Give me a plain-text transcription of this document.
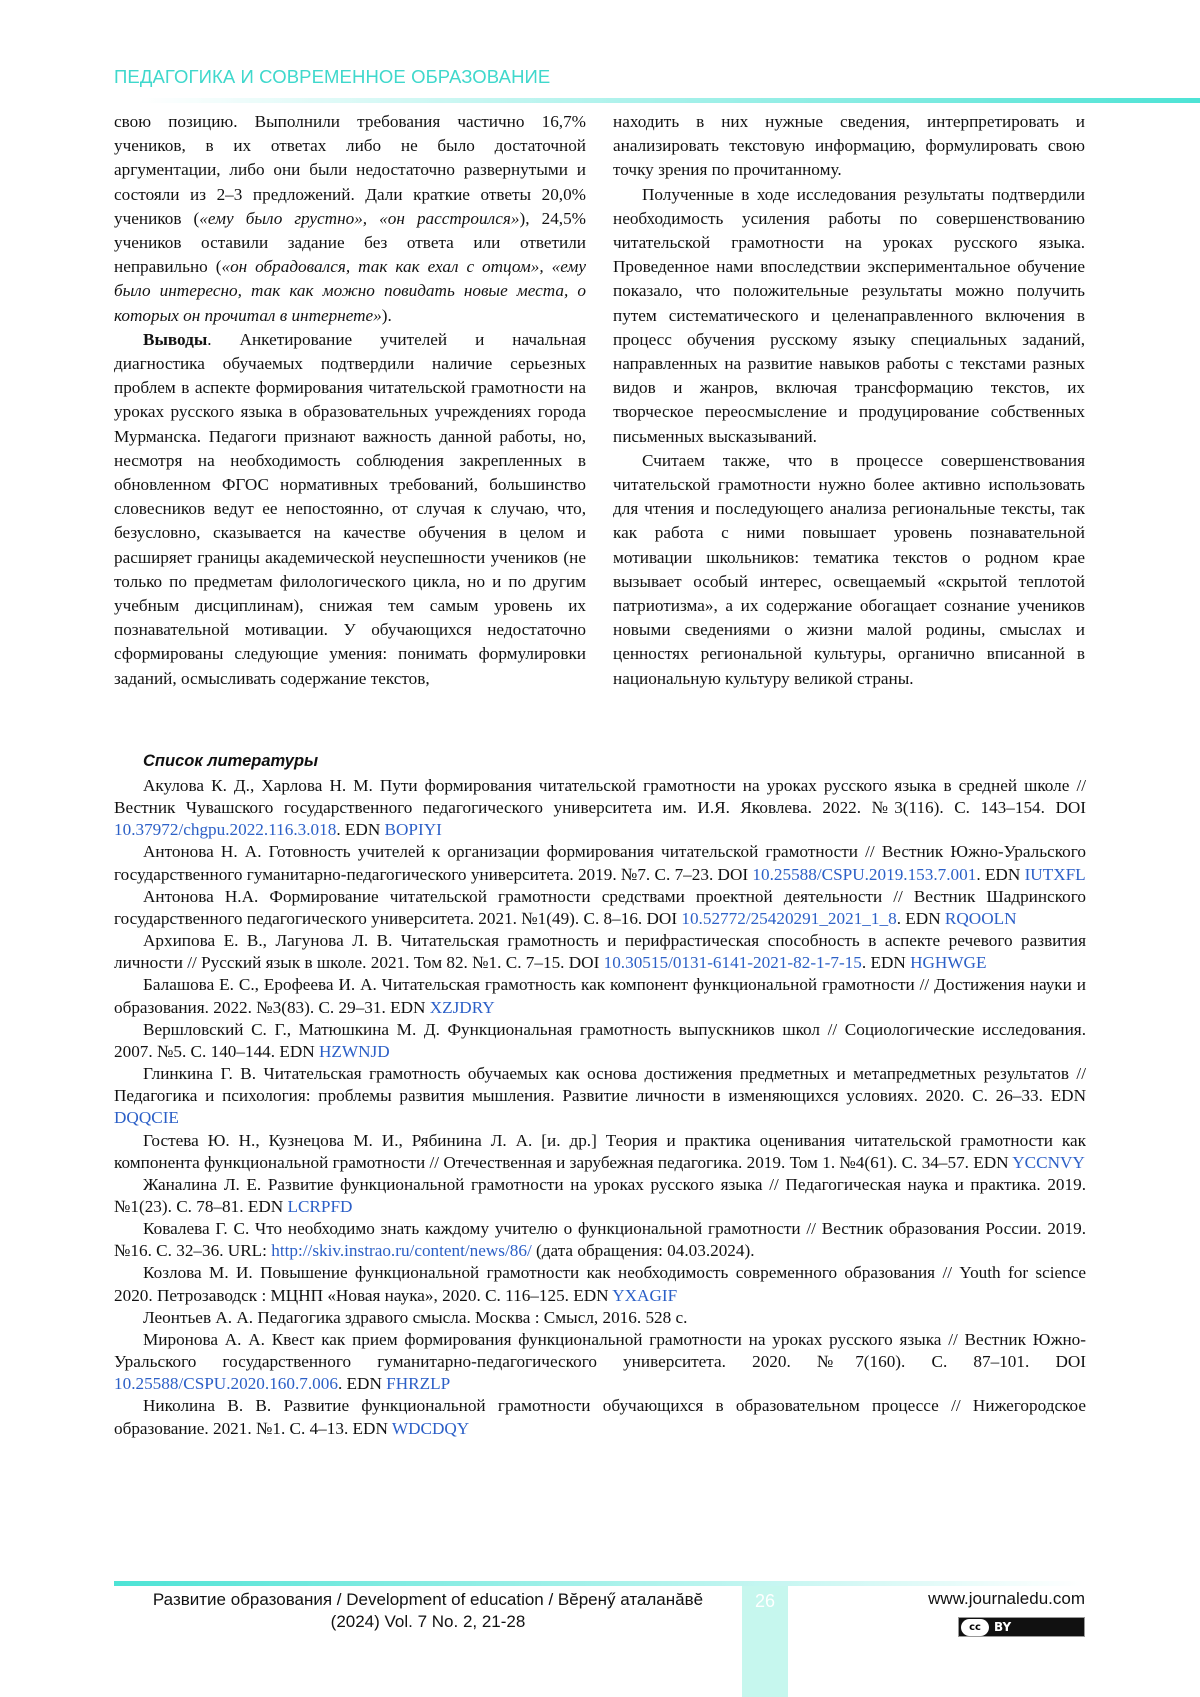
ПЕДАГОГИКА И СОВРЕМЕННОЕ ОБРАЗОВАНИЕ

свою позицию. Выполнили требования частично 16,7% учеников, в их ответах либо не было достаточной аргументации, либо они были недостаточно развернутыми и состояли из 2–3 предложений. Дали краткие ответы 20,0% учеников («ему было грустно», «он расстроился»), 24,5% учеников оставили задание без ответа или ответили неправильно («он обрадовался, так как ехал с отцом», «ему было интересно, так как можно повидать новые места, о которых он прочитал в интернете»).

Выводы. Анкетирование учителей и начальная диагностика обучаемых подтвердили наличие серьезных проблем в аспекте формирования читательской грамотности на уроках русского языка в образовательных учреждениях города Мурманска. Педагоги признают важность данной работы, но, несмотря на необходимость соблюдения закрепленных в обновленном ФГОС нормативных требований, большинство словесников ведут ее непостоянно, от случая к случаю, что, безусловно, сказывается на качестве обучения в целом и расширяет границы академической неуспешности учеников (не только по предметам филологического цикла, но и по другим учебным дисциплинам), снижая тем самым уровень их познавательной мотивации. У обучающихся недостаточно сформированы следующие умения: понимать формулировки заданий, осмысливать содержание текстов,

находить в них нужные сведения, интерпретировать и анализировать текстовую информацию, формулировать свою точку зрения по прочитанному.

Полученные в ходе исследования результаты подтвердили необходимость усиления работы по совершенствованию читательской грамотности на уроках русского языка. Проведенное нами впоследствии экспериментальное обучение показало, что положительные результаты можно получить путем систематического и целенаправленного включения в процесс обучения русскому языку специальных заданий, направленных на развитие навыков работы с текстами разных видов и жанров, включая трансформацию текстов, их творческое переосмысление и продуцирование собственных письменных высказываний.

Считаем также, что в процессе совершенствования читательской грамотности нужно более активно использовать для чтения и последующего анализа региональные тексты, так как работа с ними повышает уровень познавательной мотивации школьников: тематика текстов о родном крае вызывает особый интерес, освещаемый «скрытой теплотой патриотизма», а их содержание обогащает сознание учеников новыми сведениями о жизни малой родины, смыслах и ценностях региональной культуры, органично вписанной в национальную культуру великой страны.

Список литературы

Акулова К. Д., Харлова Н. М. Пути формирования читательской грамотности на уроках русского языка в средней школе // Вестник Чувашского государственного педагогического университета им. И.Я. Яковлева. 2022. №3(116). С. 143–154. DOI 10.37972/chgpu.2022.116.3.018. EDN BOPIYI

Антонова Н. А. Готовность учителей к организации формирования читательской грамотности // Вестник Южно-Уральского государственного гуманитарно-педагогического университета. 2019. №7. С. 7–23. DOI 10.25588/CSPU.2019.153.7.001. EDN IUTXFL

Антонова Н.А. Формирование читательской грамотности средствами проектной деятельности // Вестник Шадринского государственного педагогического университета. 2021. №1(49). С. 8–16. DOI 10.52772/25420291_2021_1_8. EDN RQOOLN

Архипова Е. В., Лагунова Л. В. Читательская грамотность и перифрастическая способность в аспекте речевого развития личности // Русский язык в школе. 2021. Том 82. №1. С. 7–15. DOI 10.30515/0131-6141-2021-82-1-7-15. EDN HGHWGE

Балашова Е. С., Ерофеева И. А. Читательская грамотность как компонент функциональной грамотности // Достижения науки и образования. 2022. №3(83). С. 29–31. EDN XZJDRY

Вершловский С. Г., Матюшкина М. Д. Функциональная грамотность выпускников школ // Социологические исследования. 2007. №5. С. 140–144. EDN HZWNJD

Глинкина Г. В. Читательская грамотность обучаемых как основа достижения предметных и метапредметных результатов // Педагогика и психология: проблемы развития мышления. Развитие личности в изменяющихся условиях. 2020. С. 26–33. EDN DQQCIE

Гостева Ю. Н., Кузнецова М. И., Рябинина Л. А. [и. др.] Теория и практика оценивания читательской грамотности как компонента функциональной грамотности // Отечественная и зарубежная педагогика. 2019. Том 1. №4(61). С. 34–57. EDN YCCNVY

Жаналина Л. Е. Развитие функциональной грамотности на уроках русского языка // Педагогическая наука и практика. 2019. №1(23). С. 78–81. EDN LCRPFD

Ковалева Г. С. Что необходимо знать каждому учителю о функциональной грамотности // Вестник образования России. 2019. №16. С. 32–36. URL: http://skiv.instrao.ru/content/news/86/ (дата обращения: 04.03.2024).

Козлова М. И. Повышение функциональной грамотности как необходимость современного образования // Youth for science 2020. Петрозаводск : МЦНП «Новая наука», 2020. С. 116–125. EDN YXAGIF

Леонтьев А. А. Педагогика здравого смысла. Москва : Смысл, 2016. 528 с.

Миронова А. А. Квест как прием формирования функциональной грамотности на уроках русского языка // Вестник Южно-Уральского государственного гуманитарно-педагогического университета. 2020. №7(160). С. 87–101. DOI 10.25588/CSPU.2020.160.7.006. EDN FHRZLP

Николина В. В. Развитие функциональной грамотности обучающихся в образовательном процессе // Нижегородское образование. 2021. №1. С. 4–13. EDN WDCDQY

Развитие образования / Development of education / Вĕренӳ аталанăвĕ
(2024) Vol. 7 No. 2, 21-28
26	www.journaledu.com
cc	BY
